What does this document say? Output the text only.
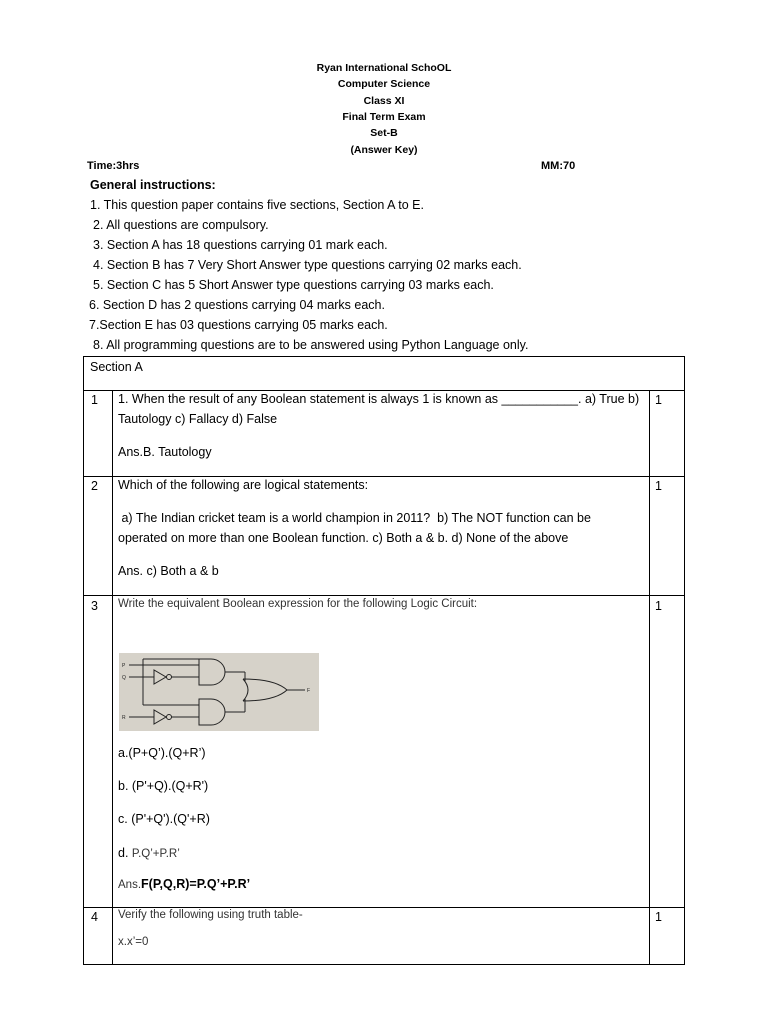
Ryan International SchoOL
Computer Science
Class XI
Final Term Exam
Set-B
(Answer Key)
Time:3hrs	MM:70
General instructions:
1. This question paper contains five sections, Section A to E.
2. All questions are compulsory.
3. Section A has 18 questions carrying 01 mark each.
4. Section B has 7 Very Short Answer type questions carrying 02 marks each.
5. Section C has 5 Short Answer type questions carrying 03 marks each.
6. Section D has 2 questions carrying 04 marks each.
7.Section E has 03 questions carrying 05 marks each.
8. All programming questions are to be answered using Python Language only.
Section A
1 1. When the result of any Boolean statement is always 1 is known as ___________. a) True b)
Tautology c) Fallacy d) False
Ans.B. Tautology
1
2 Which of the following are logical statements:
a) The Indian cricket team is a world champion in 2011?  b) The NOT function can be
operated on more than one Boolean function. c) Both a & b. d) None of the above
Ans. c) Both a & b
1
3 Write the equivalent Boolean expression for the following Logic Circuit:
P
Q
R
F
a.(P+Q’).(Q+R’)
b. (P'+Q).(Q+R')
c. (P'+Q').(Q'+R)
d. P.Q’+P.R’
Ans.F(P,Q,R)=P.Q’+P.R’
1
4 Verify the following using truth table-
x.x’=0
1
